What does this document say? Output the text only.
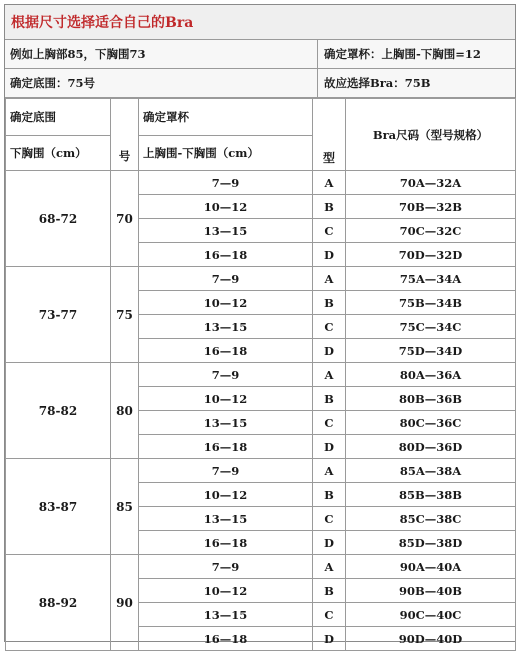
根据尺寸选择适合自己的Bra
例如上胸部85，下胸围73	确定罩杯：上胸围-下胸围=12
确定底围：75号	故应选择Bra：75B
确定底围	号	确定罩杯	型	Bra尺码（型号规格）
下胸围（cm）		上胸围-下胸围（cm）		
68-72	70	7—9	A	70A—32A
		10—12	B	70B—32B
		13—15	C	70C—32C
		16—18	D	70D—32D
73-77	75	7—9	A	75A—34A
		10—12	B	75B—34B
		13—15	C	75C—34C
		16—18	D	75D—34D
78-82	80	7—9	A	80A—36A
		10—12	B	80B—36B
		13—15	C	80C—36C
		16—18	D	80D—36D
83-87	85	7—9	A	85A—38A
		10—12	B	85B—38B
		13—15	C	85C—38C
		16—18	D	85D—38D
88-92	90	7—9	A	90A—40A
		10—12	B	90B—40B
		13—15	C	90C—40C
		16—18	D	90D—40D
